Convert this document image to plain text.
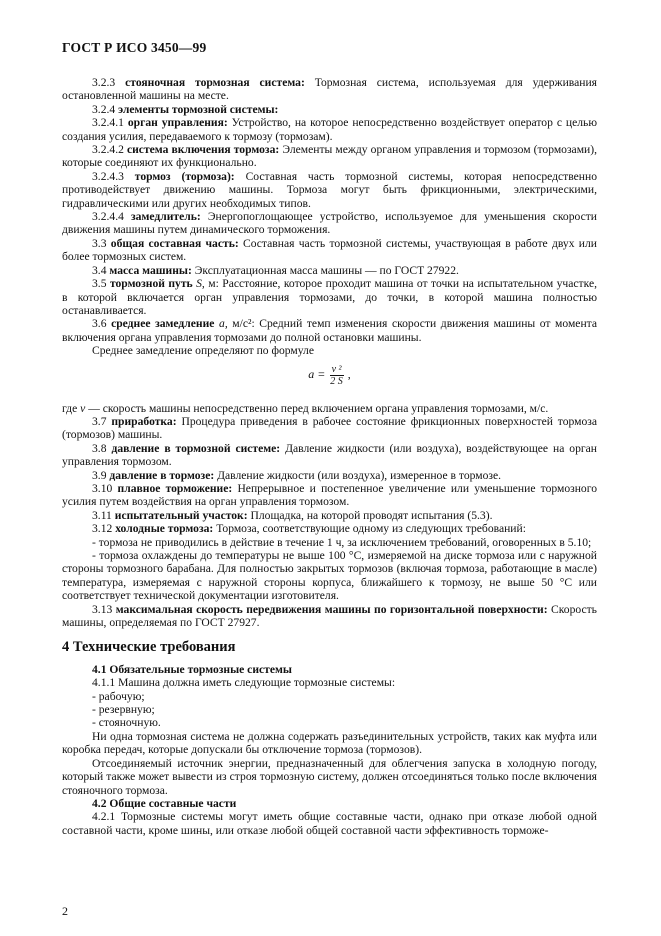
ГОСТ Р ИСО 3450—99

3.2.3 стояночная тормозная система: Тормозная система, используемая для удерживания остановленной машины на месте.

3.2.4 элементы тормозной системы:

3.2.4.1 орган управления: Устройство, на которое непосредственно воздействует оператор с целью создания усилия, передаваемого к тормозу (тормозам).

3.2.4.2 система включения тормоза: Элементы между органом управления и тормозом (тормозами), которые соединяют их функционально.

3.2.4.3 тормоз (тормоза): Составная часть тормозной системы, которая непосредственно противодействует движению машины. Тормоза могут быть фрикционными, электрическими, гидравлическими или других необходимых типов.

3.2.4.4 замедлитель: Энергопоглощающее устройство, используемое для уменьшения скорости движения машины путем динамического торможения.

3.3 общая составная часть: Составная часть тормозной системы, участвующая в работе двух или более тормозных систем.

3.4 масса машины: Эксплуатационная масса машины — по ГОСТ 27922.

3.5 тормозной путь S, м: Расстояние, которое проходит машина от точки на испытательном участке, в которой включается орган управления тормозами, до точки, в которой машина полностью останавливается.

3.6 среднее замедление a, м/с²: Средний темп изменения скорости движения машины от момента включения органа управления тормозами до полной остановки машины.

Среднее замедление определяют по формуле

$a = \frac{\text{v ²}}{2 S}$ ,

где v — скорость машины непосредственно перед включением органа управления тормозами, м/с.

3.7 приработка: Процедура приведения в рабочее состояние фрикционных поверхностей тормоза (тормозов) машины.

3.8 давление в тормозной системе: Давление жидкости (или воздуха), воздействующее на орган управления тормозом.

3.9 давление в тормозе: Давление жидкости (или воздуха), измеренное в тормозе.

3.10 плавное торможение: Непрерывное и постепенное увеличение или уменьшение тормозного усилия путем воздействия на орган управления тормозом.

3.11 испытательный участок: Площадка, на которой проводят испытания (5.3).

3.12 холодные тормоза: Тормоза, соответствующие одному из следующих требований:

- тормоза не приводились в действие в течение 1 ч, за исключением требований, оговоренных в 5.10;

- тормоза охлаждены до температуры не выше 100 °С, измеряемой на диске тормоза или с наружной стороны тормозного барабана. Для полностью закрытых тормозов (включая тормоза, работающие в масле) температура, измеряемая с наружной стороны корпуса, ближайшего к тормозу, не выше 50 °С или соответствует технической документации изготовителя.

3.13 максимальная скорость передвижения машины по горизонтальной поверхности: Скорость машины, определяемая по ГОСТ 27927.

4 Технические требования

4.1 Обязательные тормозные системы

4.1.1 Машина должна иметь следующие тормозные системы:

- рабочую;

- резервную;

- стояночную.

Ни одна тормозная система не должна содержать разъединительных устройств, таких как муфта или коробка передач, которые допускали бы отключение тормоза (тормозов).

Отсоединяемый источник энергии, предназначенный для облегчения запуска в холодную погоду, который также может вывести из строя тормозную систему, должен отсоединяться только после включения стояночного тормоза.

4.2 Общие составные части

4.2.1 Тормозные системы могут иметь общие составные части, однако при отказе любой одной составной части, кроме шины, или отказе любой общей составной части эффективность торможе-

2
